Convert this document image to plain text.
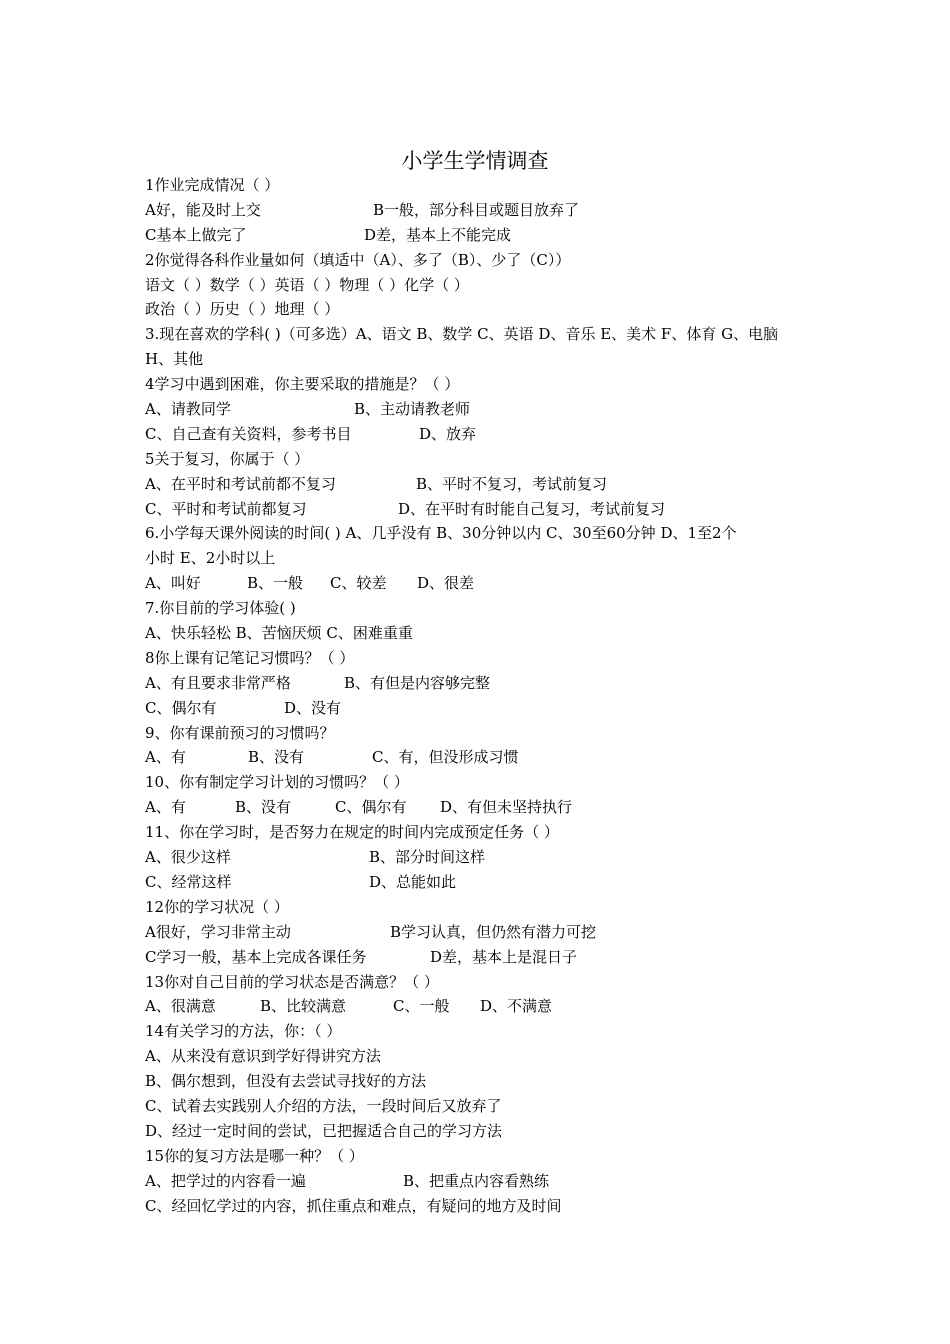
小学生学情调查
1作业完成情况（ ）
A好，能及时上交	B一般，部分科目或题目放弃了
C基本上做完了	D差，基本上不能完成
2你觉得各科作业量如何（填适中（A）、多了（B）、少了（C））
语文（ ）数学（ ）英语（ ）物理（ ）化学（ ）
政治（ ）历史（ ）地理（ ）
3.现在喜欢的学科( )（可多选）A、语文 B、数学 C、英语 D、音乐 E、美术 F、体育 G、电脑
H、其他
4学习中遇到困难，你主要采取的措施是？（ ）
A、请教同学	B、主动请教老师
C、自己查有关资料，参考书目	D、放弃
5关于复习，你属于（ ）
A、在平时和考试前都不复习	B、平时不复习，考试前复习
C、平时和考试前都复习	D、在平时有时能自己复习，考试前复习
6.小学每天课外阅读的时间( ) A、几乎没有 B、30分钟以内 C、30至60分钟 D、1至2个
小时 E、2小时以上
A、叫好	B、一般 C、较差 D、很差
7.你目前的学习体验( )
A、快乐轻松 B、苦恼厌烦 C、困难重重
8你上课有记笔记习惯吗？（ ）
A、有且要求非常严格	B、有但是内容够完整
C、偶尔有	D、没有
9、你有课前预习的习惯吗？
A、有	B、没有	C、有，但没形成习惯
10、你有制定学习计划的习惯吗？（ ）
A、有	B、没有	C、偶尔有 D、有但未坚持执行
11、你在学习时，是否努力在规定的时间内完成预定任务（ ）
A、很少这样	B、部分时间这样
C、经常这样	D、总能如此
12你的学习状况（ ）
A很好，学习非常主动	B学习认真，但仍然有潜力可挖
C学习一般，基本上完成各课任务	D差，基本上是混日子
13你对自己目前的学习状态是否满意？（ ）
A、很满意	B、比较满意	C、一般 D、不满意
14有关学习的方法，你：（ ）
A、从来没有意识到学好得讲究方法
B、偶尔想到，但没有去尝试寻找好的方法
C、试着去实践别人介绍的方法，一段时间后又放弃了
D、经过一定时间的尝试，已把握适合自己的学习方法
15你的复习方法是哪一种？（ ）
A、把学过的内容看一遍	B、把重点内容看熟练
C、经回忆学过的内容，抓住重点和难点，有疑问的地方及时间
